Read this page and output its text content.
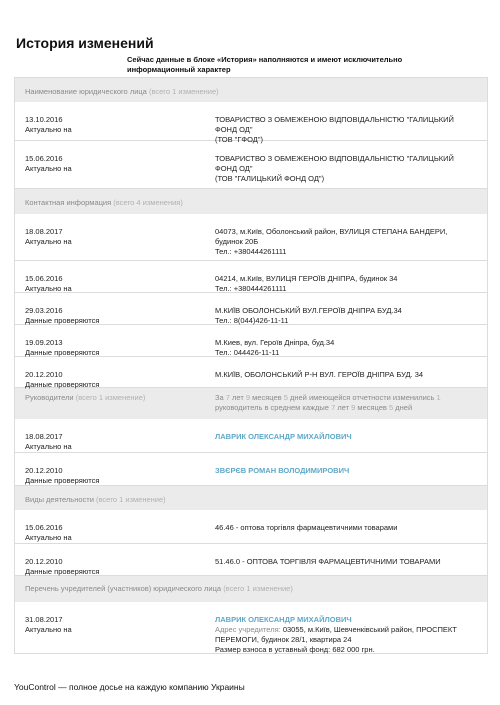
История изменений
Сейчас данные в блоке «История» наполняются и имеют исключительно информационный характер
Наименование юридического лица (всего 1 изменение)
13.10.2016
Актуально на
ТОВАРИСТВО З ОБМЕЖЕНОЮ ВІДПОВІДАЛЬНІСТЮ "ГАЛИЦЬКИЙ
ФОНД ОД"
(ТОВ "ГФОД")
15.06.2016
Актуально на
ТОВАРИСТВО З ОБМЕЖЕНОЮ ВІДПОВІДАЛЬНІСТЮ "ГАЛИЦЬКИЙ
ФОНД ОД"
(ТОВ "ГАЛИЦЬКИЙ ФОНД ОД")
Контактная информация (всего 4 изменения)
18.08.2017
Актуально на
04073, м.Київ, Оболонський район, ВУЛИЦЯ СТЕПАНА БАНДЕРИ,
будинок 20Б
Тел.: +380444261111
15.06.2016
Актуально на
04214, м.Київ, ВУЛИЦЯ ГЕРОЇВ ДНІПРА, будинок 34
Тел.: +380444261111
29.03.2016
Данные проверяются
М.КИЇВ ОБОЛОНСЬКИЙ ВУЛ.ГЕРОЇВ ДНІПРА БУД.34
Тел.: 8(044)426-11-11
19.09.2013
Данные проверяются
М.Киев, вул. Героїв Дніпра, буд.34
Тел.: 044426-11-11
20.12.2010
Данные проверяются
М.КИЇВ, ОБОЛОНСЬКИЙ Р-Н ВУЛ. ГЕРОЇВ ДНІПРА БУД. 34
Руководители (всего 1 изменение)	За 7 лет 9 месяцев 5 дней имеющейся отчетности изменились 1 руководитель в среднем каждые 7 лет 9 месяцев 5 дней
18.08.2017
Актуально на
ЛАВРИК ОЛЕКСАНДР МИХАЙЛОВИЧ
20.12.2010
Данные проверяются
ЗВЄРЄВ РОМАН ВОЛОДИМИРОВИЧ
Виды деятельности (всего 1 изменение)
15.06.2016
Актуально на
46.46 - оптова торгівля фармацевтичними товарами
20.12.2010
Данные проверяются
51.46.0 - ОПТОВА ТОРГІВЛЯ ФАРМАЦЕВТИЧНИМИ ТОВАРАМИ
Перечень учредителей (участников) юридического лица (всего 1 изменение)
31.08.2017
Актуально на
ЛАВРИК ОЛЕКСАНДР МИХАЙЛОВИЧ
Адрес учредителя: 03055, м.Київ, Шевченківський район, ПРОСПЕКТ
ПЕРЕМОГИ, будинок 28/1, квартира 24
Размер взноса в уставный фонд: 682 000 грн.
YouControl — полное досье на каждую компанию Украины
